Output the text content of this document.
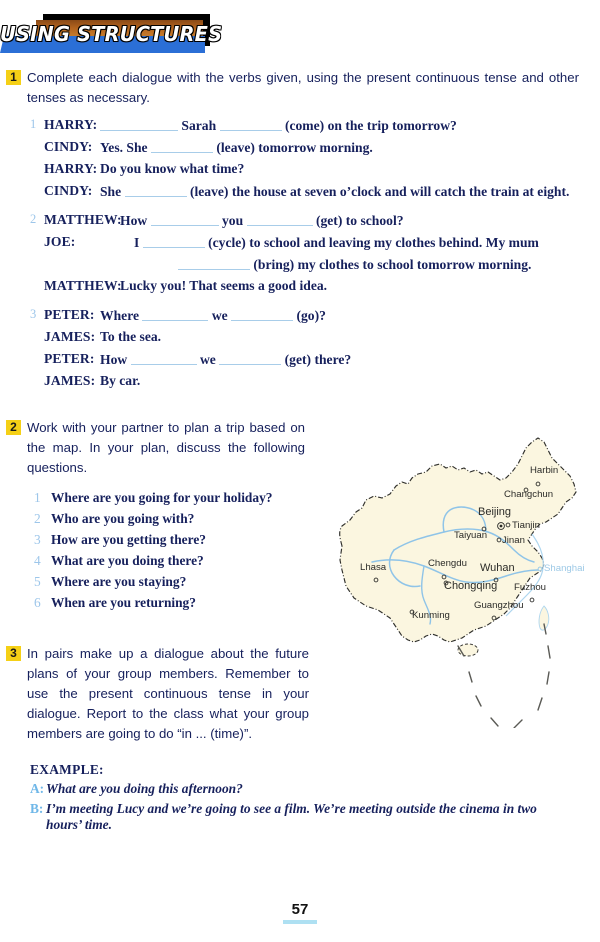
USING STRUCTURES
1 Complete each dialogue with the verbs given, using the present continuous tense and other tenses as necessary.
1 HARRY:	Sarah	(come) on the trip tomorrow?
CINDY: Yes. She	(leave) tomorrow morning.
HARRY: Do you know what time?
CINDY: She	(leave) the house at seven o’clock and will catch the train at eight.
2 MATTHEW:
How	you	(get) to school?
JOE:	I	(cycle) to school and leaving my clothes behind. My mum
(bring) my clothes to school tomorrow morning.
MATTHEW:
Lucky you! That seems a good idea.
3 PETER: Where	we	(go)?
JAMES: To the sea.
PETER: How	we	(get) there?
JAMES: By car.
2 Work with your partner to plan a trip based on the map. In your plan, discuss the following questions.
1 Where are you going for your holiday?
2 Who are you going with?
3 How are you getting there?
4 What are you doing there?
5 Where are you staying?
6 When are you returning?
Harbin
Changchun
Beijing
Tianjin
Taiyuan Jinan
Lhasa	Chengdu Wuhan	Shanghai
Chongqing Fuzhou
Guangzhou
Kunming
3 In pairs make up a dialogue about the future plans of your group members. Remember to use the present continuous tense in your dialogue. Report to the class what your group members are going to do “in ... (time)”.
EXAMPLE:
A: What are you doing this afternoon?
B: I’m meeting Lucy and we’re going to see a film. We’re meeting outside the cinema in two
hours’ time.
57
